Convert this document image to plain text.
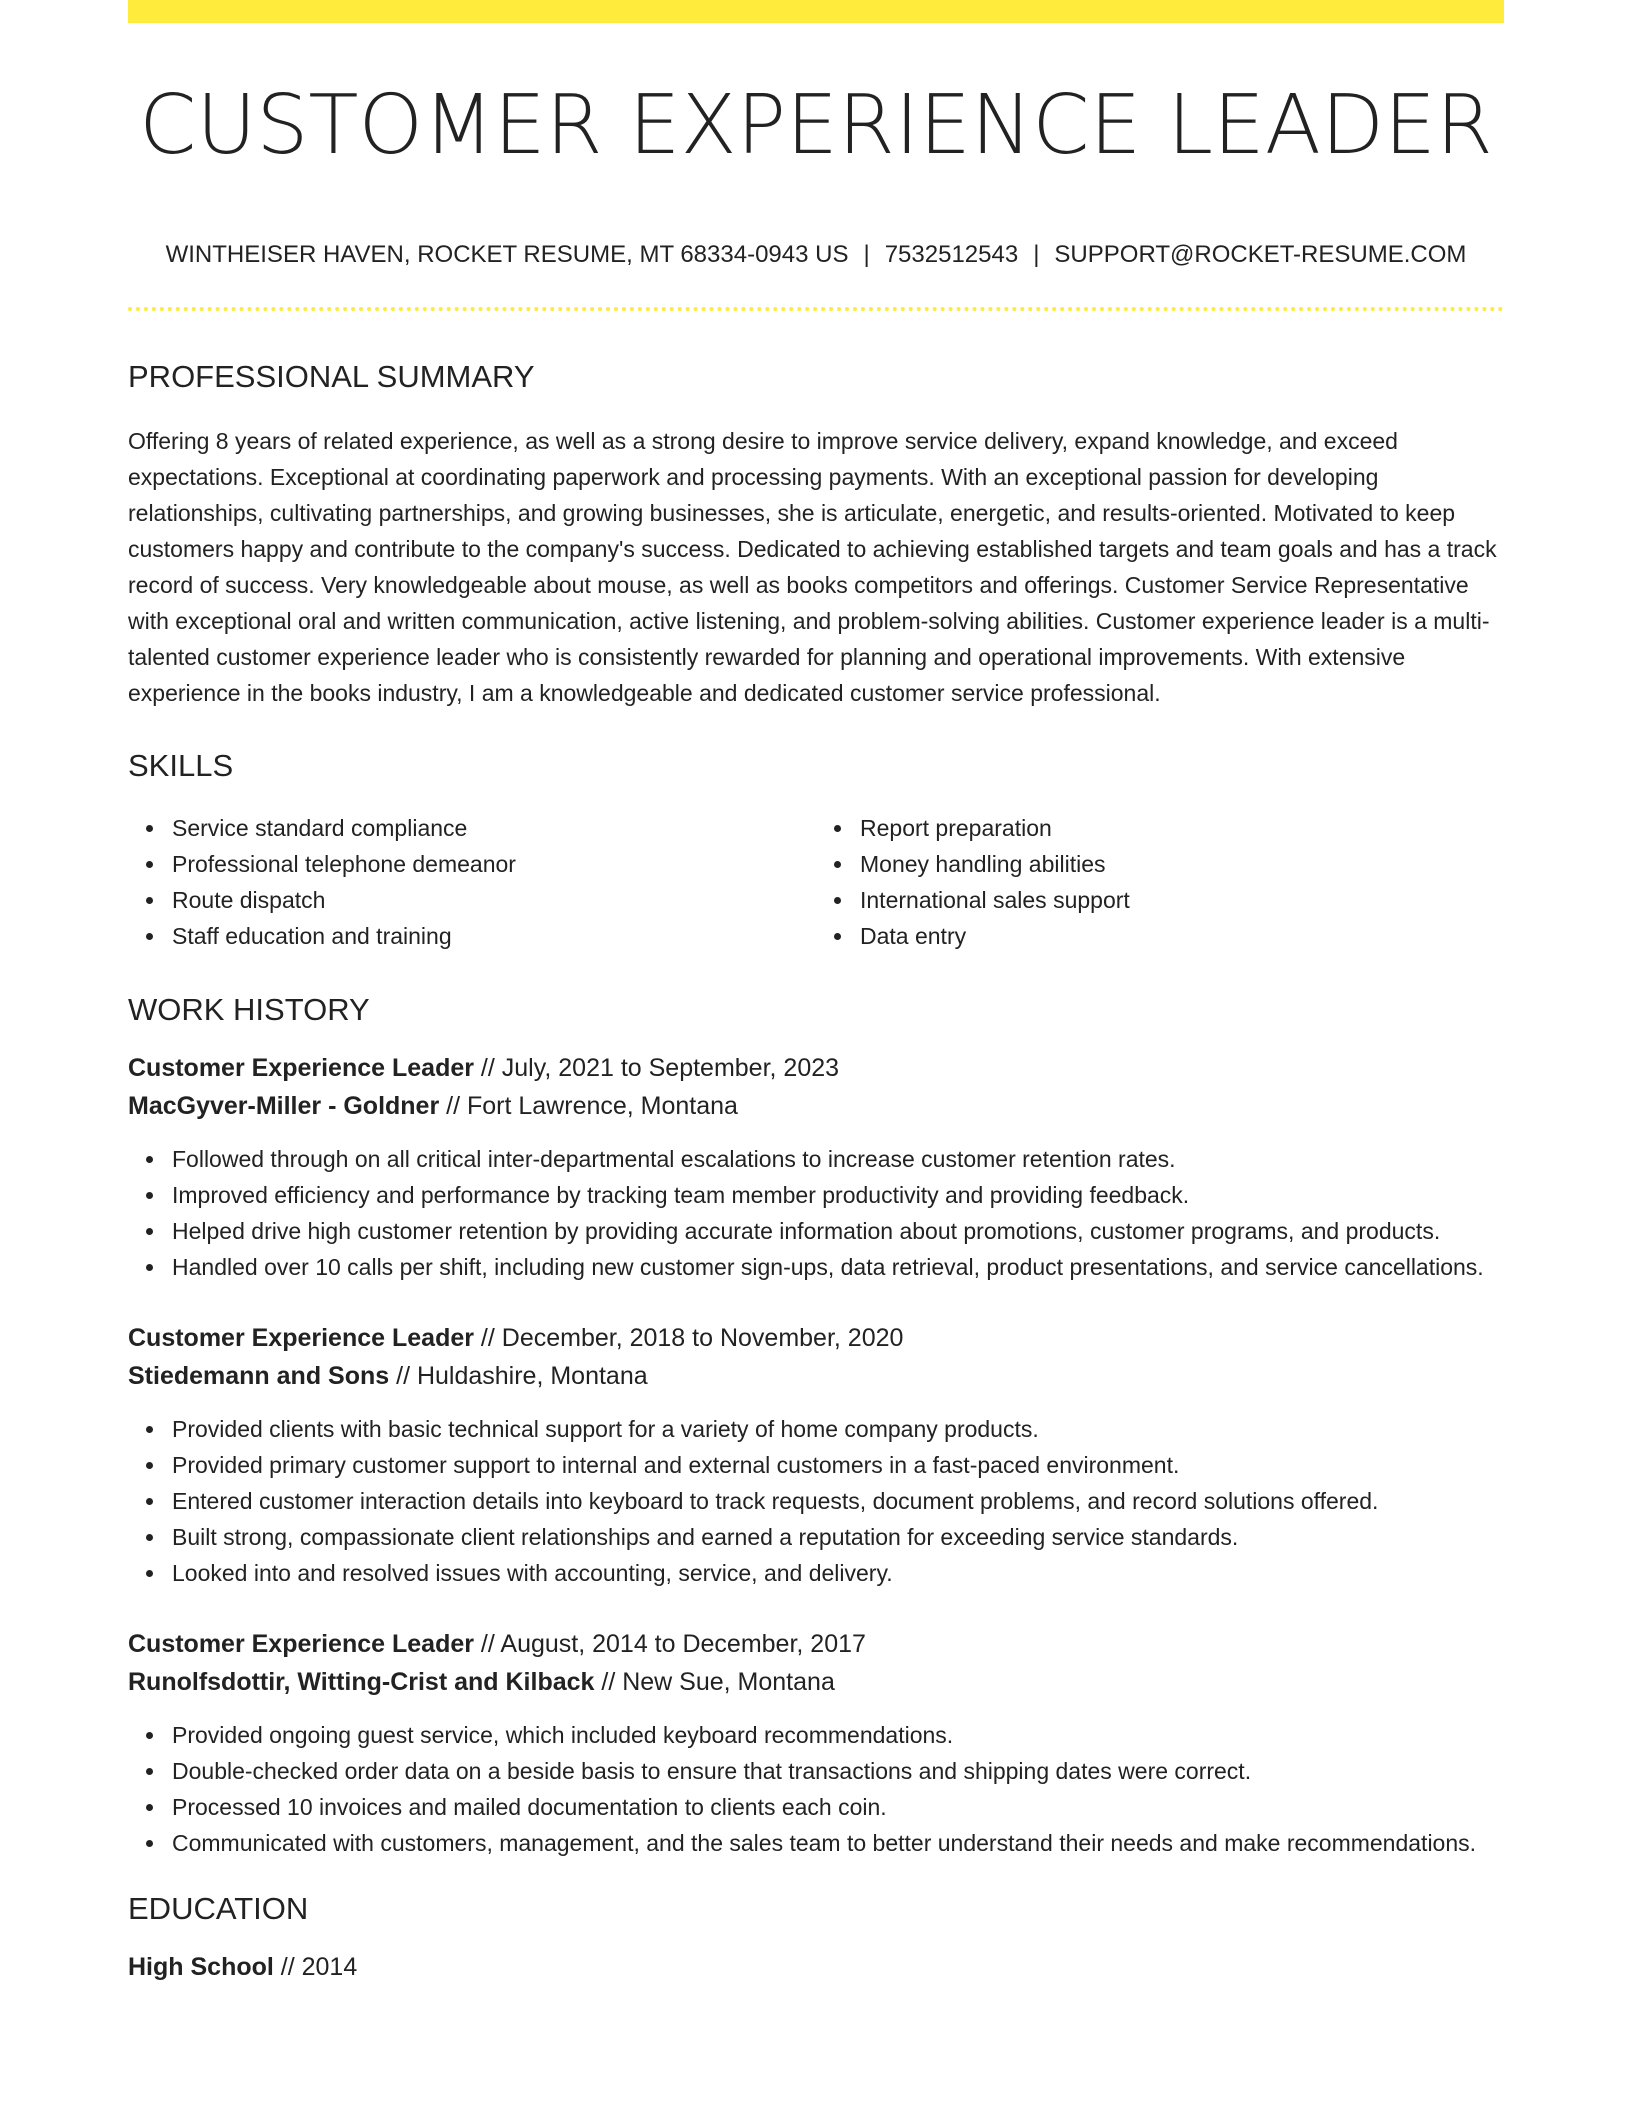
CUSTOMER EXPERIENCE LEADER
WINTHEISER HAVEN, ROCKET RESUME, MT 68334-0943 US | 7532512543 | SUPPORT@ROCKET-RESUME.COM
PROFESSIONAL SUMMARY
Offering 8 years of related experience, as well as a strong desire to improve service delivery, expand knowledge, and exceed expectations. Exceptional at coordinating paperwork and processing payments. With an exceptional passion for developing relationships, cultivating partnerships, and growing businesses, she is articulate, energetic, and results-oriented. Motivated to keep customers happy and contribute to the company's success. Dedicated to achieving established targets and team goals and has a track record of success. Very knowledgeable about mouse, as well as books competitors and offerings. Customer Service Representative with exceptional oral and written communication, active listening, and problem-solving abilities. Customer experience leader is a multi-talented customer experience leader who is consistently rewarded for planning and operational improvements. With extensive experience in the books industry, I am a knowledgeable and dedicated customer service professional.
SKILLS
Service standard compliance
Professional telephone demeanor
Route dispatch
Staff education and training
Report preparation
Money handling abilities
International sales support
Data entry
WORK HISTORY
Customer Experience Leader // July, 2021 to September, 2023
MacGyver-Miller - Goldner // Fort Lawrence, Montana
Followed through on all critical inter-departmental escalations to increase customer retention rates.
Improved efficiency and performance by tracking team member productivity and providing feedback.
Helped drive high customer retention by providing accurate information about promotions, customer programs, and products.
Handled over 10 calls per shift, including new customer sign-ups, data retrieval, product presentations, and service cancellations.
Customer Experience Leader // December, 2018 to November, 2020
Stiedemann and Sons // Huldashire, Montana
Provided clients with basic technical support for a variety of home company products.
Provided primary customer support to internal and external customers in a fast-paced environment.
Entered customer interaction details into keyboard to track requests, document problems, and record solutions offered.
Built strong, compassionate client relationships and earned a reputation for exceeding service standards.
Looked into and resolved issues with accounting, service, and delivery.
Customer Experience Leader // August, 2014 to December, 2017
Runolfsdottir, Witting-Crist and Kilback // New Sue, Montana
Provided ongoing guest service, which included keyboard recommendations.
Double-checked order data on a beside basis to ensure that transactions and shipping dates were correct.
Processed 10 invoices and mailed documentation to clients each coin.
Communicated with customers, management, and the sales team to better understand their needs and make recommendations.
EDUCATION
High School // 2014
